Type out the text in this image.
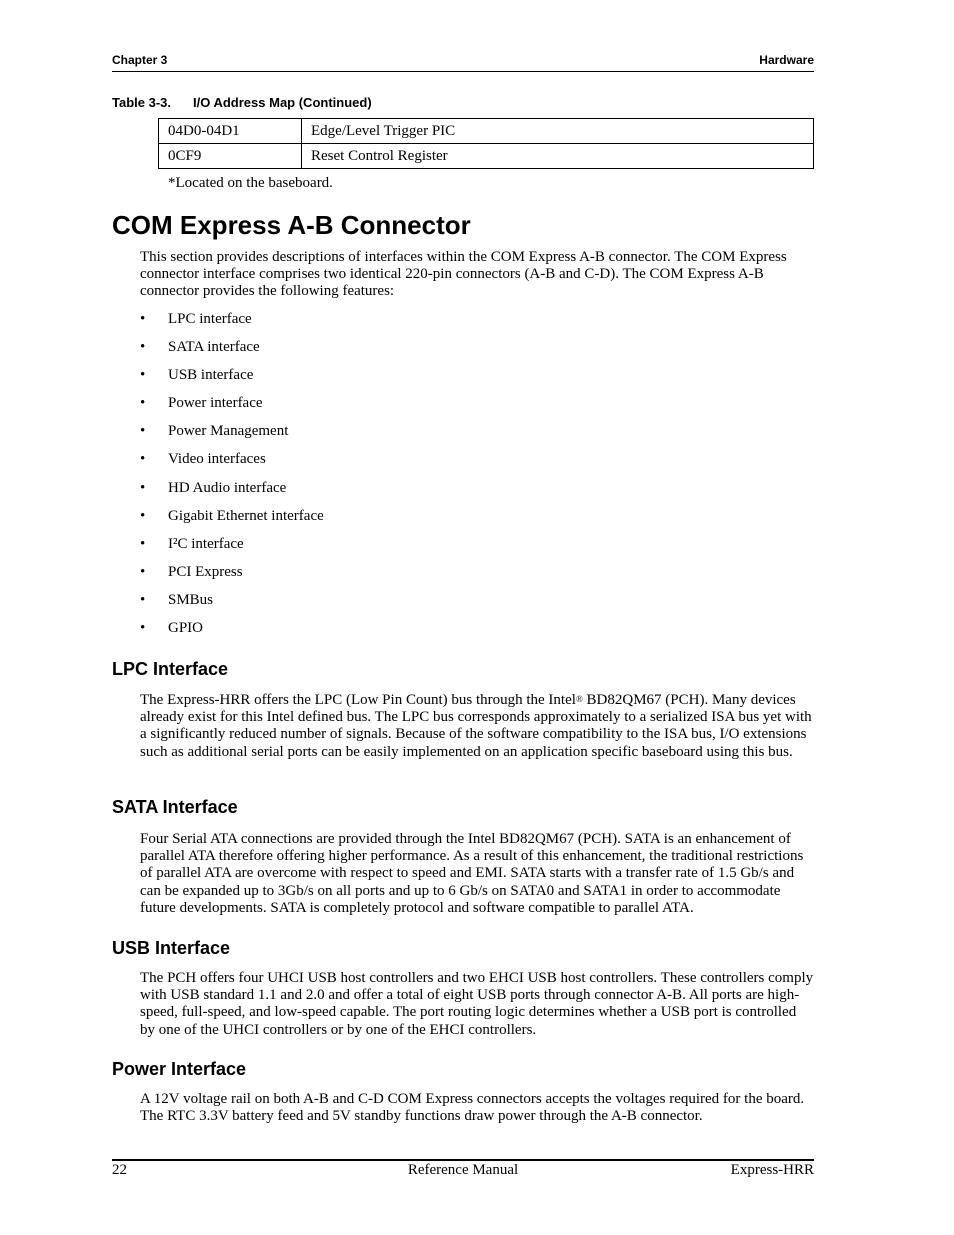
Chapter 3	Hardware
Table 3-3. I/O Address Map (Continued)
04D0-04D1	Edge/Level Trigger PIC
0CF9	Reset Control Register
*Located on the baseboard.
COM Express A-B Connector

This section provides descriptions of interfaces within the COM Express A-B connector. The COM Express connector interface comprises two identical 220-pin connectors (A-B and C-D). The COM Express A-B connector provides the following features:

• LPC interface
• SATA interface
• USB interface
• Power interface
• Power Management
• Video interfaces
• HD Audio interface
• Gigabit Ethernet interface
• I²C interface
• PCI Express
• SMBus
• GPIO
LPC Interface

The Express-HRR offers the LPC (Low Pin Count) bus through the Intel® BD82QM67 (PCH). Many devices already exist for this Intel defined bus. The LPC bus corresponds approximately to a serialized ISA bus yet with a significantly reduced number of signals. Because of the software compatibility to the ISA bus, I/O extensions such as additional serial ports can be easily implemented on an application specific baseboard using this bus.

SATA Interface

Four Serial ATA connections are provided through the Intel BD82QM67 (PCH). SATA is an enhancement of parallel ATA therefore offering higher performance. As a result of this enhancement, the traditional restrictions of parallel ATA are overcome with respect to speed and EMI. SATA starts with a transfer rate of 1.5 Gb/s and can be expanded up to 3Gb/s on all ports and up to 6 Gb/s on SATA0 and SATA1 in order to accommodate future developments. SATA is completely protocol and software compatible to parallel ATA.

USB Interface

The PCH offers four UHCI USB host controllers and two EHCI USB host controllers. These controllers comply with USB standard 1.1 and 2.0 and offer a total of eight USB ports through connector A-B. All ports are high-speed, full-speed, and low-speed capable. The port routing logic determines whether a USB port is controlled by one of the UHCI controllers or by one of the EHCI controllers.

Power Interface

A 12V voltage rail on both A-B and C-D COM Express connectors accepts the voltages required for the board. The RTC 3.3V battery feed and 5V standby functions draw power through the A-B connector.

22	Reference Manual	Express-HRR
